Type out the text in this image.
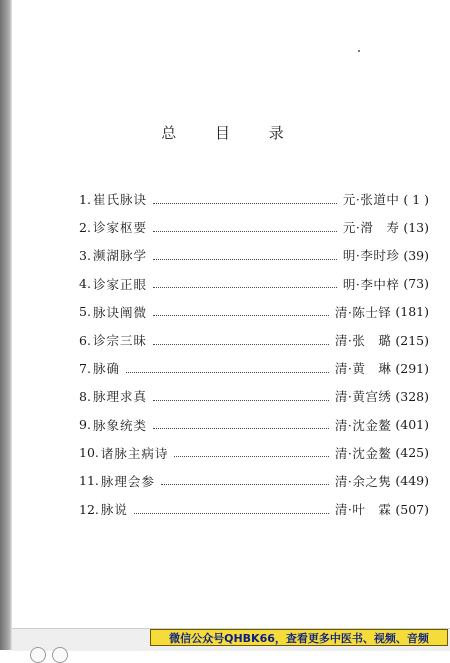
总 目 录
1. 崔氏脉诀	元·张道中 ( 1 )
2. 诊家枢要	元·滑　寿 (13)
3. 濒湖脉学	明·李时珍 (39)
4. 诊家正眼	明·李中梓 (73)
5. 脉诀阐微	清·陈士铎 (181)
6. 诊宗三昧	清·张　璐 (215)
7. 脉确	清·黄　琳 (291)
8. 脉理求真	清·黄宫绣 (328)
9. 脉象统类	清·沈金鳌 (401)
10. 诸脉主病诗	清·沈金鳌 (425)
11. 脉理会参	清·余之隽 (449)
12. 脉说	清·叶　霖 (507)
微信公众号QHBK66，查看更多中医书、视频、音频
